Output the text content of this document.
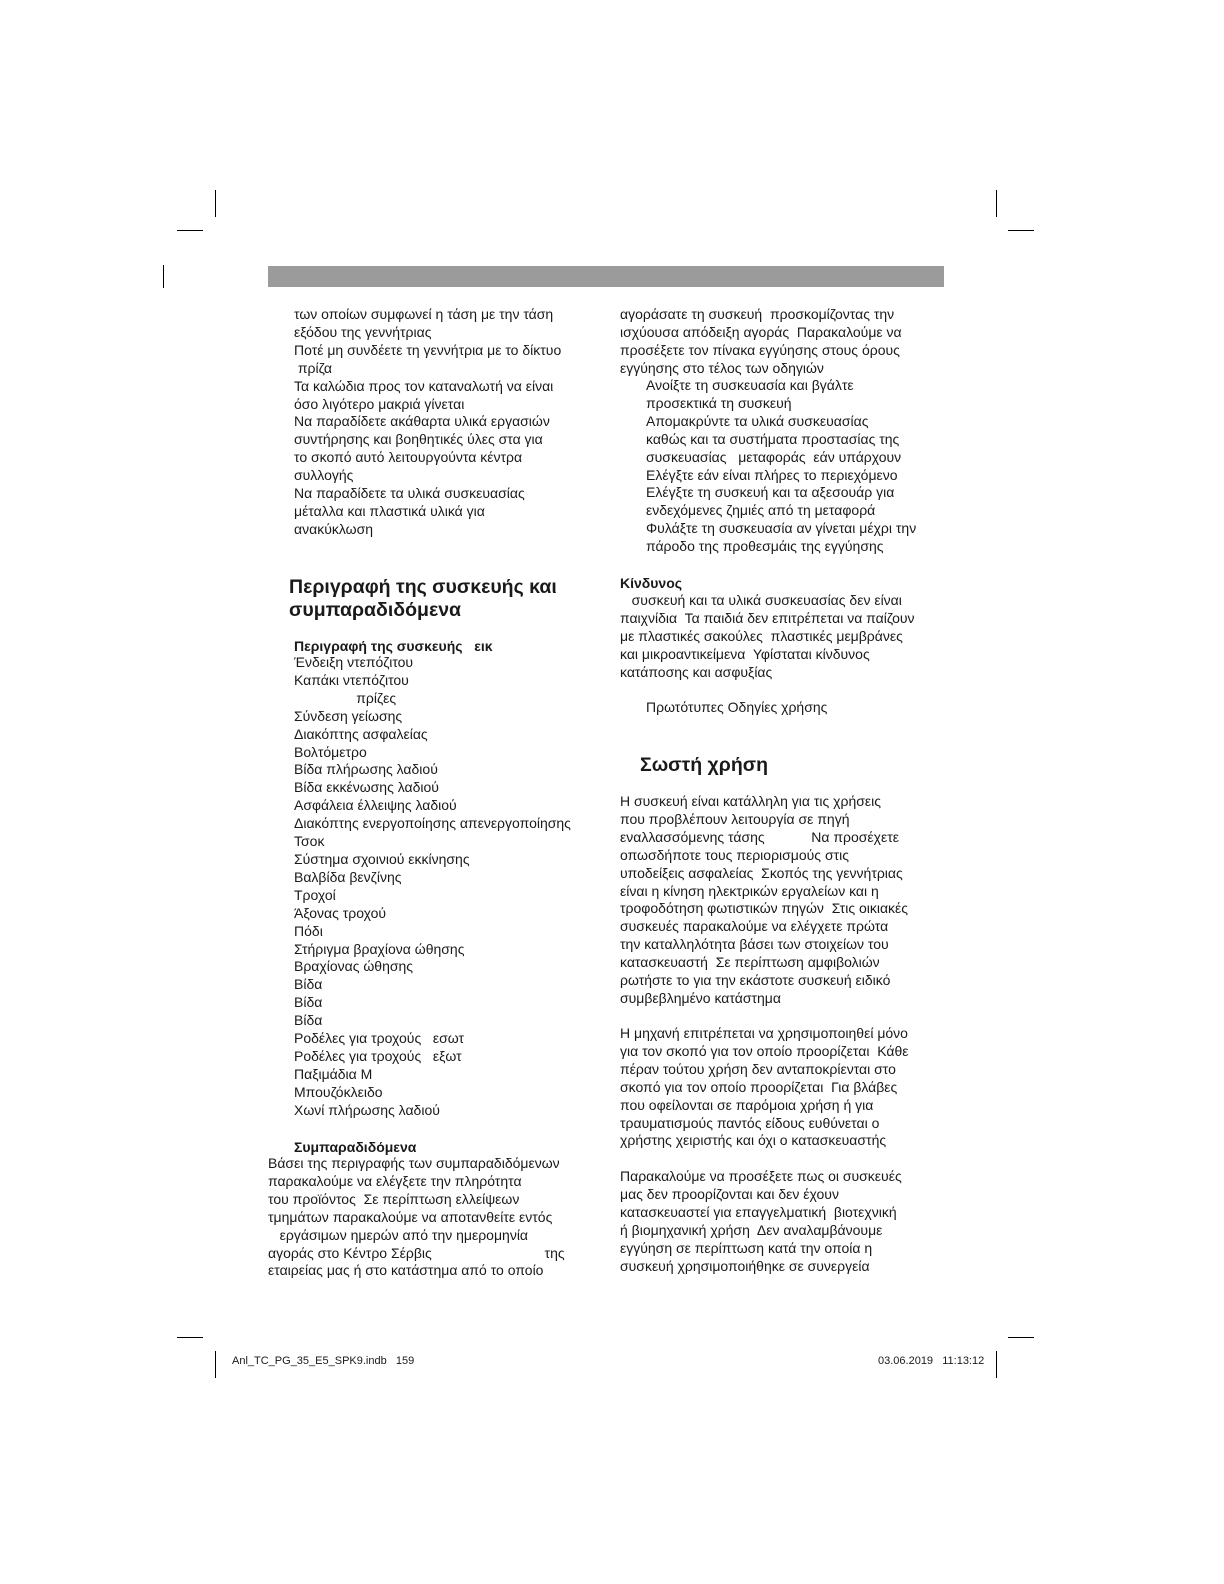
των οποίων συμφωνεί η τάση με την τάση
εξόδου της γεννήτριας
Ποτέ μη συνδέετε τη γεννήτρια με το δίκτυο
πρίζα
Τα καλώδια προς τον καταναλωτή να είναι
όσο λιγότερο μακριά γίνεται
Να παραδίδετε ακάθαρτα υλικά εργασιών
συντήρησης και βοηθητικές ύλες στα για
το σκοπό αυτό λειτουργούντα κέντρα
συλλογής
Να παραδίδετε τα υλικά συσκευασίας
μέταλλα και πλαστικά υλικά για
ανακύκλωση
Περιγραφή της συσκευής και
συμπαραδιδόμενα
Περιγραφή της συσκευής   εικ
Ένδειξη ντεπόζιτου
Καπάκι ντεπόζιτου
πρίζες
Σύνδεση γείωσης
Διακόπτης ασφαλείας
Βολτόμετρο
Βίδα πλήρωσης λαδιού
Βίδα εκκένωσης λαδιού
Ασφάλεια έλλειψης λαδιού
Διακόπτης ενεργοποίησης απενεργοποίησης
Τσοκ
Σύστημα σχοινιού εκκίνησης
Βαλβίδα βενζίνης
Τροχοί
Άξονας τροχού
Πόδι
Στήριγμα βραχίονα ώθησης
Βραχίονας ώθησης
Βίδα
Βίδα
Βίδα
Ροδέλες για τροχούς   εσωτ
Ροδέλες για τροχούς   εξωτ
Παξιμάδια Μ
Μπουζόκλειδο
Χωνί πλήρωσης λαδιού
Συμπαραδιδόμενα
Βάσει της περιγραφής των συμπαραδιδόμενων
παρακαλούμε να ελέγξετε την πληρότητα
του προϊόντος  Σε περίπτωση ελλείψεων
τμημάτων παρακαλούμε να αποτανθείτε εντός
εργάσιμων ημερών από την ημερομηνία
αγοράς στο Κέντρο Σέρβις                             της
εταιρείας μας ή στο κατάστημα από το οποίο
αγοράσατε τη συσκευή  προσκομίζοντας την
ισχύουσα απόδειξη αγοράς  Παρακαλούμε να
προσέξετε τον πίνακα εγγύησης στους όρους
εγγύησης στο τέλος των οδηγιών
Ανοίξτε τη συσκευασία και βγάλτε
προσεκτικά τη συσκευή
Απομακρύντε τα υλικά συσκευασίας
καθώς και τα συστήματα προστασίας της
συσκευασίας   μεταφοράς  εάν υπάρχουν
Ελέγξτε εάν είναι πλήρες το περιεχόμενο
Ελέγξτε τη συσκευή και τα αξεσουάρ για
ενδεχόμενες ζημιές από τη μεταφορά
Φυλάξτε τη συσκευασία αν γίνεται μέχρι την
πάροδο της προθεσμάις της εγγύησης
Κίνδυνος
συσκευή και τα υλικά συσκευασίας δεν είναι
παιχνίδια  Τα παιδιά δεν επιτρέπεται να παίζουν
με πλαστικές σακούλες  πλαστικές μεμβράνες
και μικροαντικείμενα  Υφίσταται κίνδυνος
κατάποσης και ασφυξίας
Πρωτότυπες Οδηγίες χρήσης
Σωστή χρήση
Η συσκευή είναι κατάλληλη για τις χρήσεις
που προβλέπουν λειτουργία σε πηγή
εναλλασσόμενης τάσης            Να προσέχετε
οπωσδήποτε τους περιορισμούς στις
υποδείξεις ασφαλείας  Σκοπός της γεννήτριας
είναι η κίνηση ηλεκτρικών εργαλείων και η
τροφοδότηση φωτιστικών πηγών  Στις οικιακές
συσκευές παρακαλούμε να ελέγχετε πρώτα
την καταλληλότητα βάσει των στοιχείων του
κατασκευαστή  Σε περίπτωση αμφιβολιών
ρωτήστε το για την εκάστοτε συσκευή ειδικό
συμβεβλημένο κατάστημα
Η μηχανή επιτρέπεται να χρησιμοποιηθεί μόνο
για τον σκοπό για τον οποίο προορίζεται  Κάθε
πέραν τούτου χρήση δεν ανταποκρίενται στο
σκοπό για τον οποίο προορίζεται  Για βλάβες
που οφείλονται σε παρόμοια χρήση ή για
τραυματισμούς παντός είδους ευθύνεται ο
χρήστης χειριστής και όχι ο κατασκευαστής
Παρακαλούμε να προσέξετε πως οι συσκευές
μας δεν προορίζονται και δεν έχουν
κατασκευαστεί για επαγγελματική  βιοτεχνική
ή βιομηχανική χρήση  Δεν αναλαμβάνουμε
εγγύηση σε περίπτωση κατά την οποία η
συσκευή χρησιμοποιήθηκε σε συνεργεία
Anl_TC_PG_35_E5_SPK9.indb   159	03.06.2019   11:13:12
